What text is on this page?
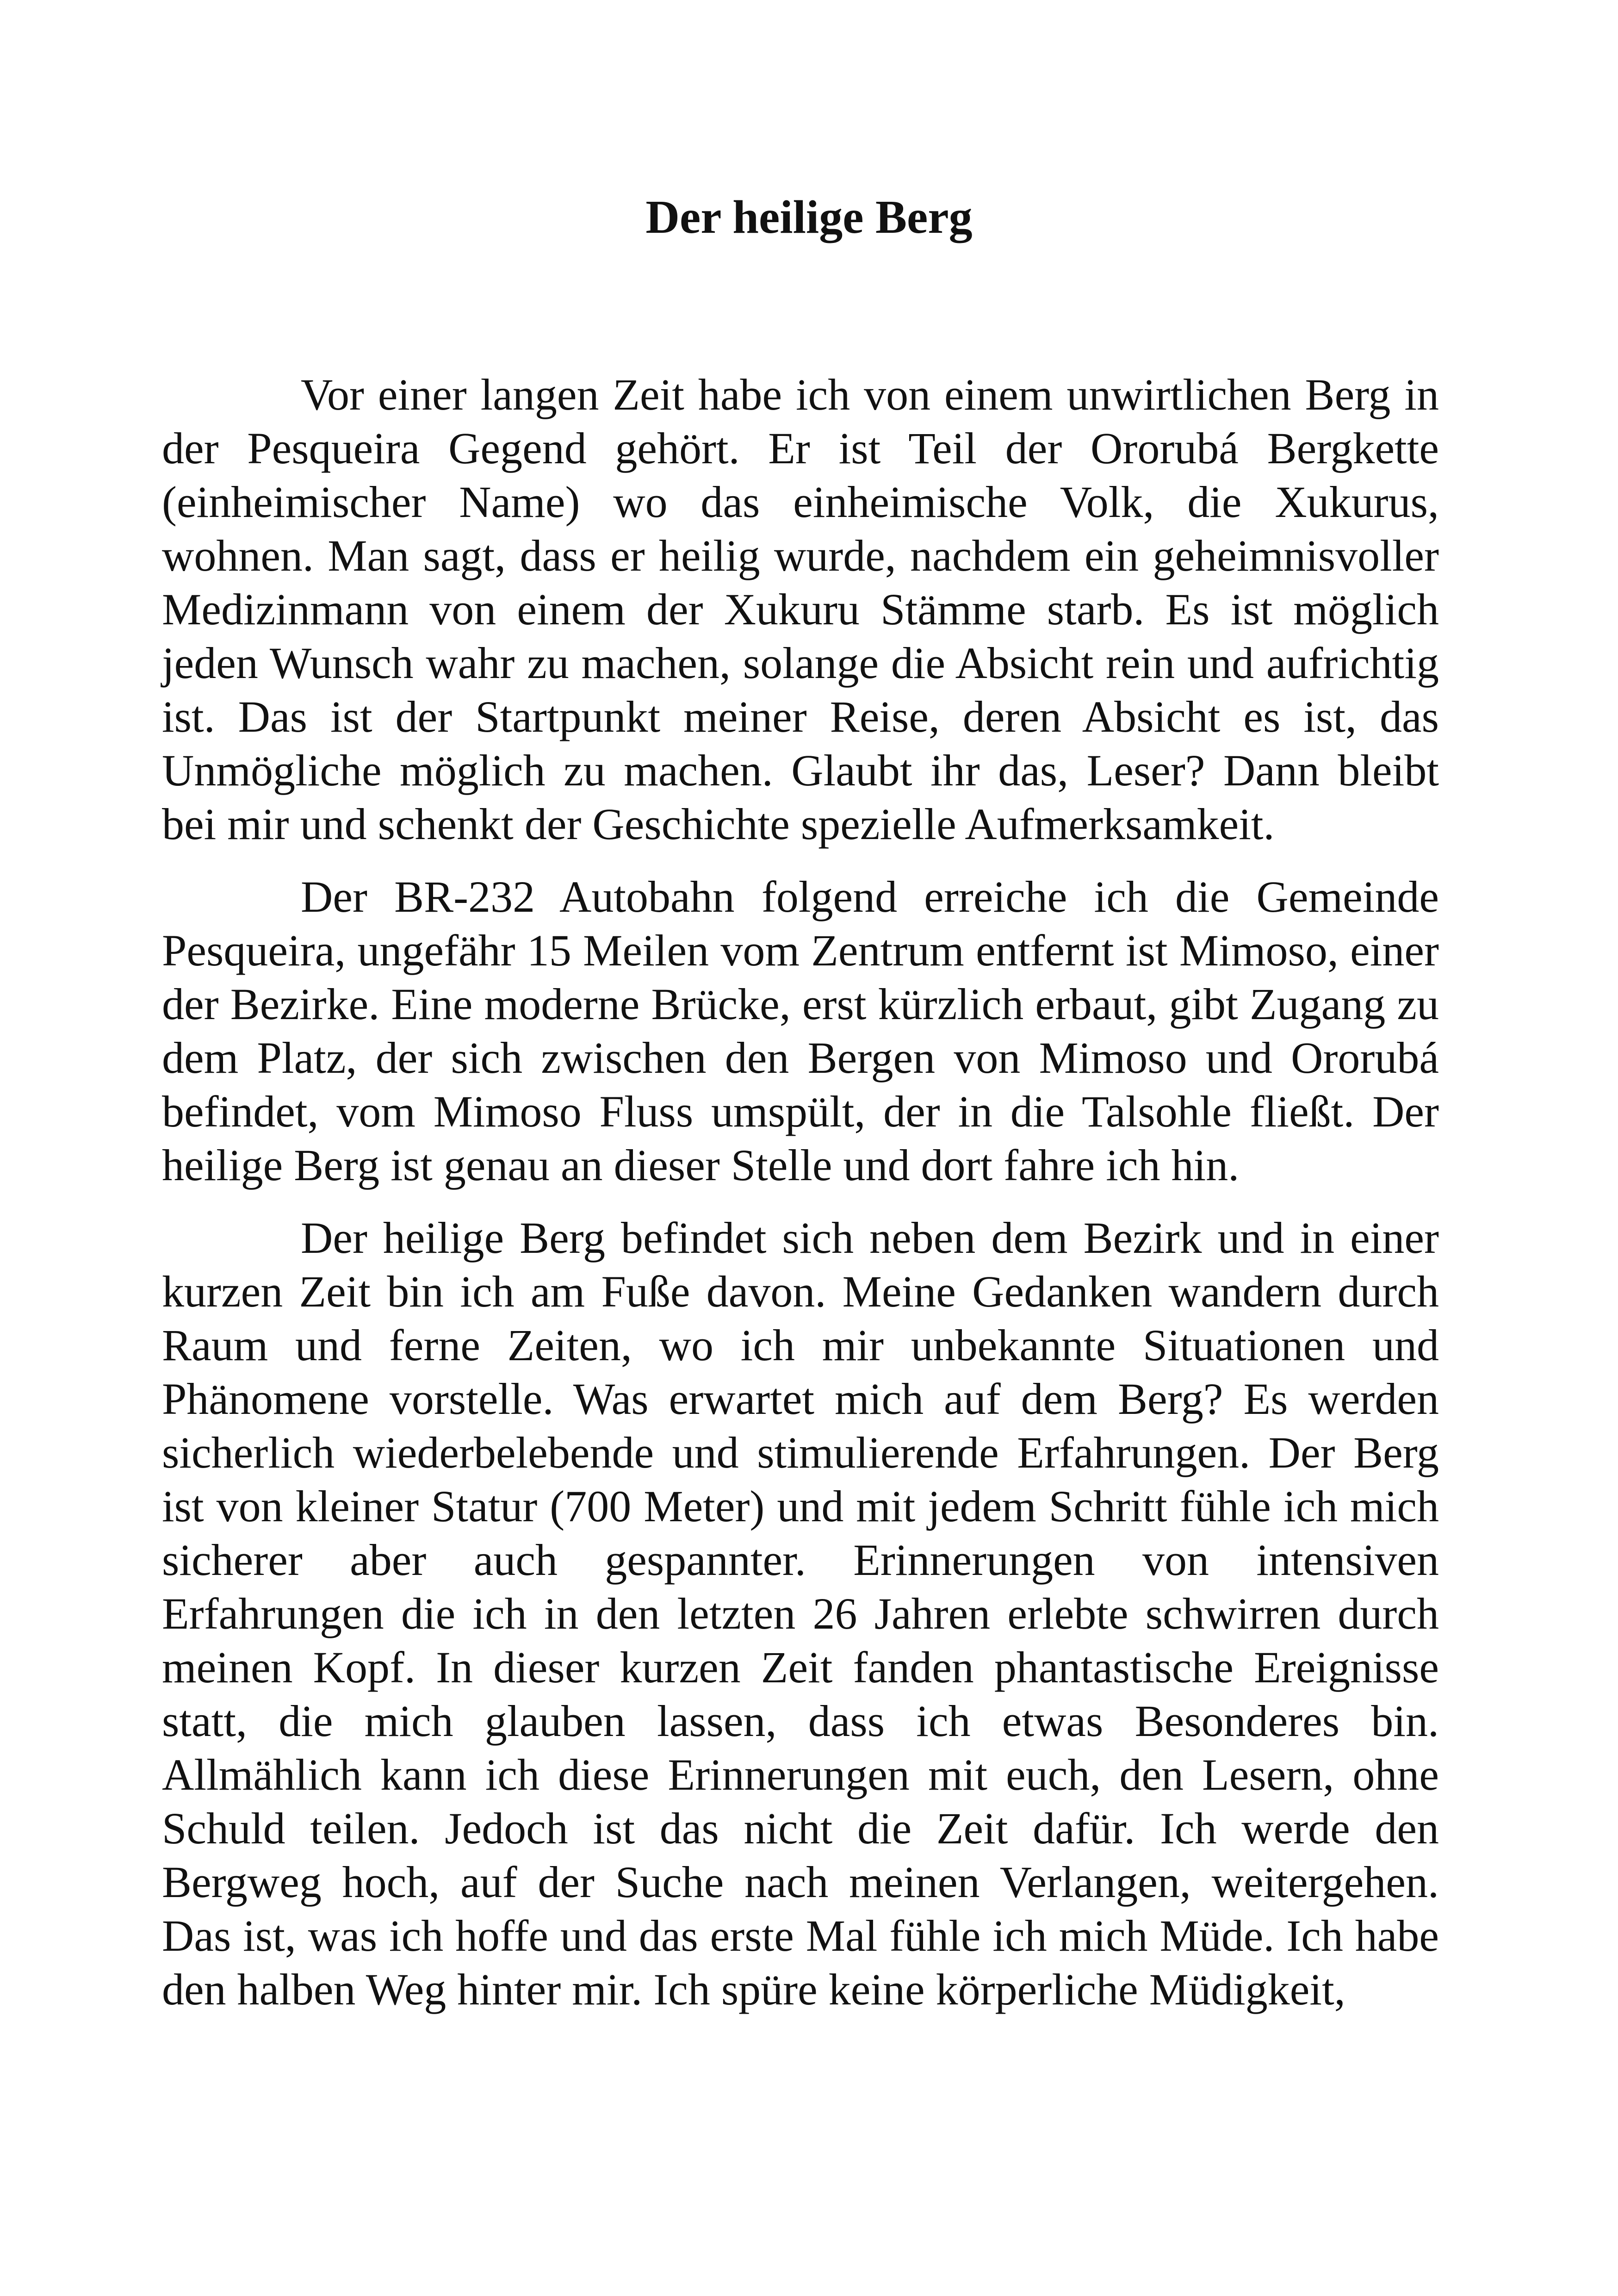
Der heilige Berg

Vor einer langen Zeit habe ich von einem unwirtlichen Berg in der Pesqueira Gegend gehört. Er ist Teil der Ororubá Bergkette (einheimischer Name) wo das einheimische Volk, die Xukurus, wohnen. Man sagt, dass er heilig wurde, nachdem ein geheimnisvoller Medizinmann von einem der Xukuru Stämme starb. Es ist möglich jeden Wunsch wahr zu machen, solange die Absicht rein und aufrichtig ist. Das ist der Startpunkt meiner Reise, deren Absicht es ist, das Unmögliche möglich zu machen. Glaubt ihr das, Leser? Dann bleibt bei mir und schenkt der Geschichte spezielle Aufmerksamkeit.

Der BR-232 Autobahn folgend erreiche ich die Gemeinde Pesqueira, ungefähr 15 Meilen vom Zentrum entfernt ist Mimoso, einer der Bezirke. Eine moderne Brücke, erst kürzlich erbaut, gibt Zugang zu dem Platz, der sich zwischen den Bergen von Mimoso und Ororubá befindet, vom Mimoso Fluss umspült, der in die Talsohle fließt. Der heilige Berg ist genau an dieser Stelle und dort fahre ich hin.

Der heilige Berg befindet sich neben dem Bezirk und in einer kurzen Zeit bin ich am Fuße davon. Meine Gedanken wandern durch Raum und ferne Zeiten, wo ich mir unbekannte Situationen und Phänomene vorstelle. Was erwartet mich auf dem Berg? Es werden sicherlich wiederbelebende und stimulierende Erfahrungen. Der Berg ist von kleiner Statur (700 Meter) und mit jedem Schritt fühle ich mich sicherer aber auch gespannter. Erinnerungen von intensiven Erfahrungen die ich in den letzten 26 Jahren erlebte schwirren durch meinen Kopf. In dieser kurzen Zeit fanden phantastische Ereignisse statt, die mich glauben lassen, dass ich etwas Besonderes bin. Allmählich kann ich diese Erinnerungen mit euch, den Lesern, ohne Schuld teilen. Jedoch ist das nicht die Zeit dafür. Ich werde den Bergweg hoch, auf der Suche nach meinen Verlangen, weitergehen. Das ist, was ich hoffe und das erste Mal fühle ich mich Müde. Ich habe den halben Weg hinter mir. Ich spüre keine körperliche Müdigkeit,
